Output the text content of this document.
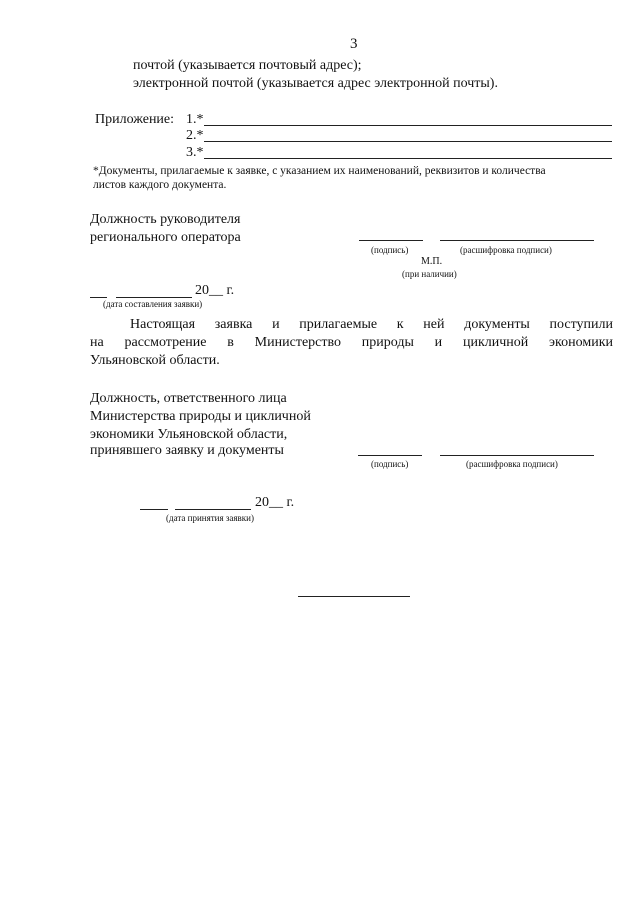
3
почтой (указывается почтовый адрес);
электронной почтой (указывается адрес электронной почты).
Приложение: 1.*
2.*
3.*
*Документы, прилагаемые к заявке, с указанием их наименований, реквизитов и количества
листов каждого документа.
Должность руководителя
регионального оператора
(подпись)	(расшифровка подписи)
М.П.
(при наличии)
20__ г.
(дата составления заявки)
Настоящая заявка и прилагаемые к ней документы поступили
на рассмотрение в Министерство природы и цикличной экономики
Ульяновской области.
Должность, ответственного лица
Министерства природы и цикличной
экономики Ульяновской области,
принявшего заявку и документы
(подпись)	(расшифровка подписи)
20__ г.
(дата принятия заявки)
